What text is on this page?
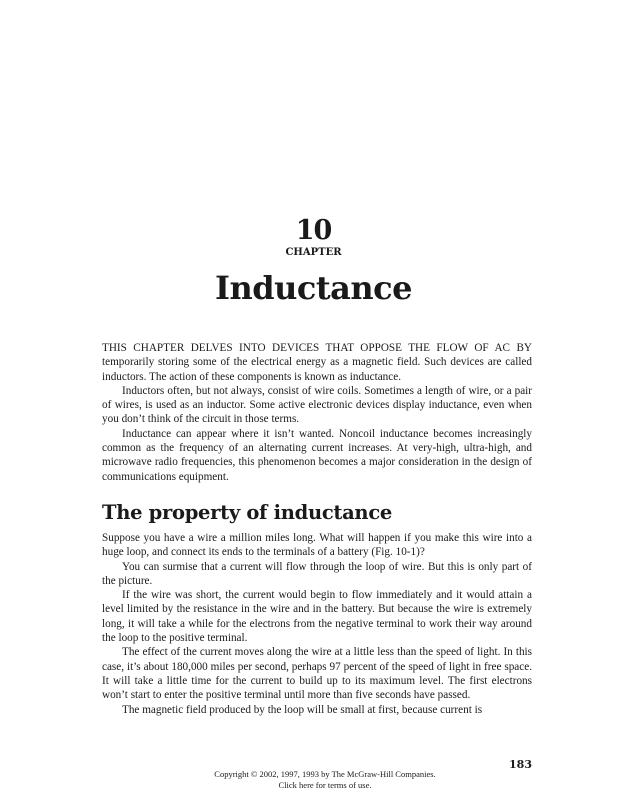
10
CHAPTER
Inductance

THIS CHAPTER DELVES INTO DEVICES THAT OPPOSE THE FLOW OF AC BY temporarily storing some of the electrical energy as a magnetic field. Such devices are called inductors. The action of these components is known as inductance.

Inductors often, but not always, consist of wire coils. Sometimes a length of wire, or a pair of wires, is used as an inductor. Some active electronic devices display inductance, even when you don’t think of the circuit in those terms.

Inductance can appear where it isn’t wanted. Noncoil inductance becomes increasingly common as the frequency of an alternating current increases. At very-high, ultra-high, and microwave radio frequencies, this phenomenon becomes a major consideration in the design of communications equipment.

The property of inductance

Suppose you have a wire a million miles long. What will happen if you make this wire into a huge loop, and connect its ends to the terminals of a battery (Fig. 10-1)?

You can surmise that a current will flow through the loop of wire. But this is only part of the picture.

If the wire was short, the current would begin to flow immediately and it would attain a level limited by the resistance in the wire and in the battery. But because the wire is extremely long, it will take a while for the electrons from the negative terminal to work their way around the loop to the positive terminal.

The effect of the current moves along the wire at a little less than the speed of light. In this case, it’s about 180,000 miles per second, perhaps 97 percent of the speed of light in free space. It will take a little time for the current to build up to its maximum level. The first electrons won’t start to enter the positive terminal until more than five seconds have passed.

The magnetic field produced by the loop will be small at first, because current is

183
Copyright © 2002, 1997, 1993 by The McGraw-Hill Companies.
Click here for terms of use.
